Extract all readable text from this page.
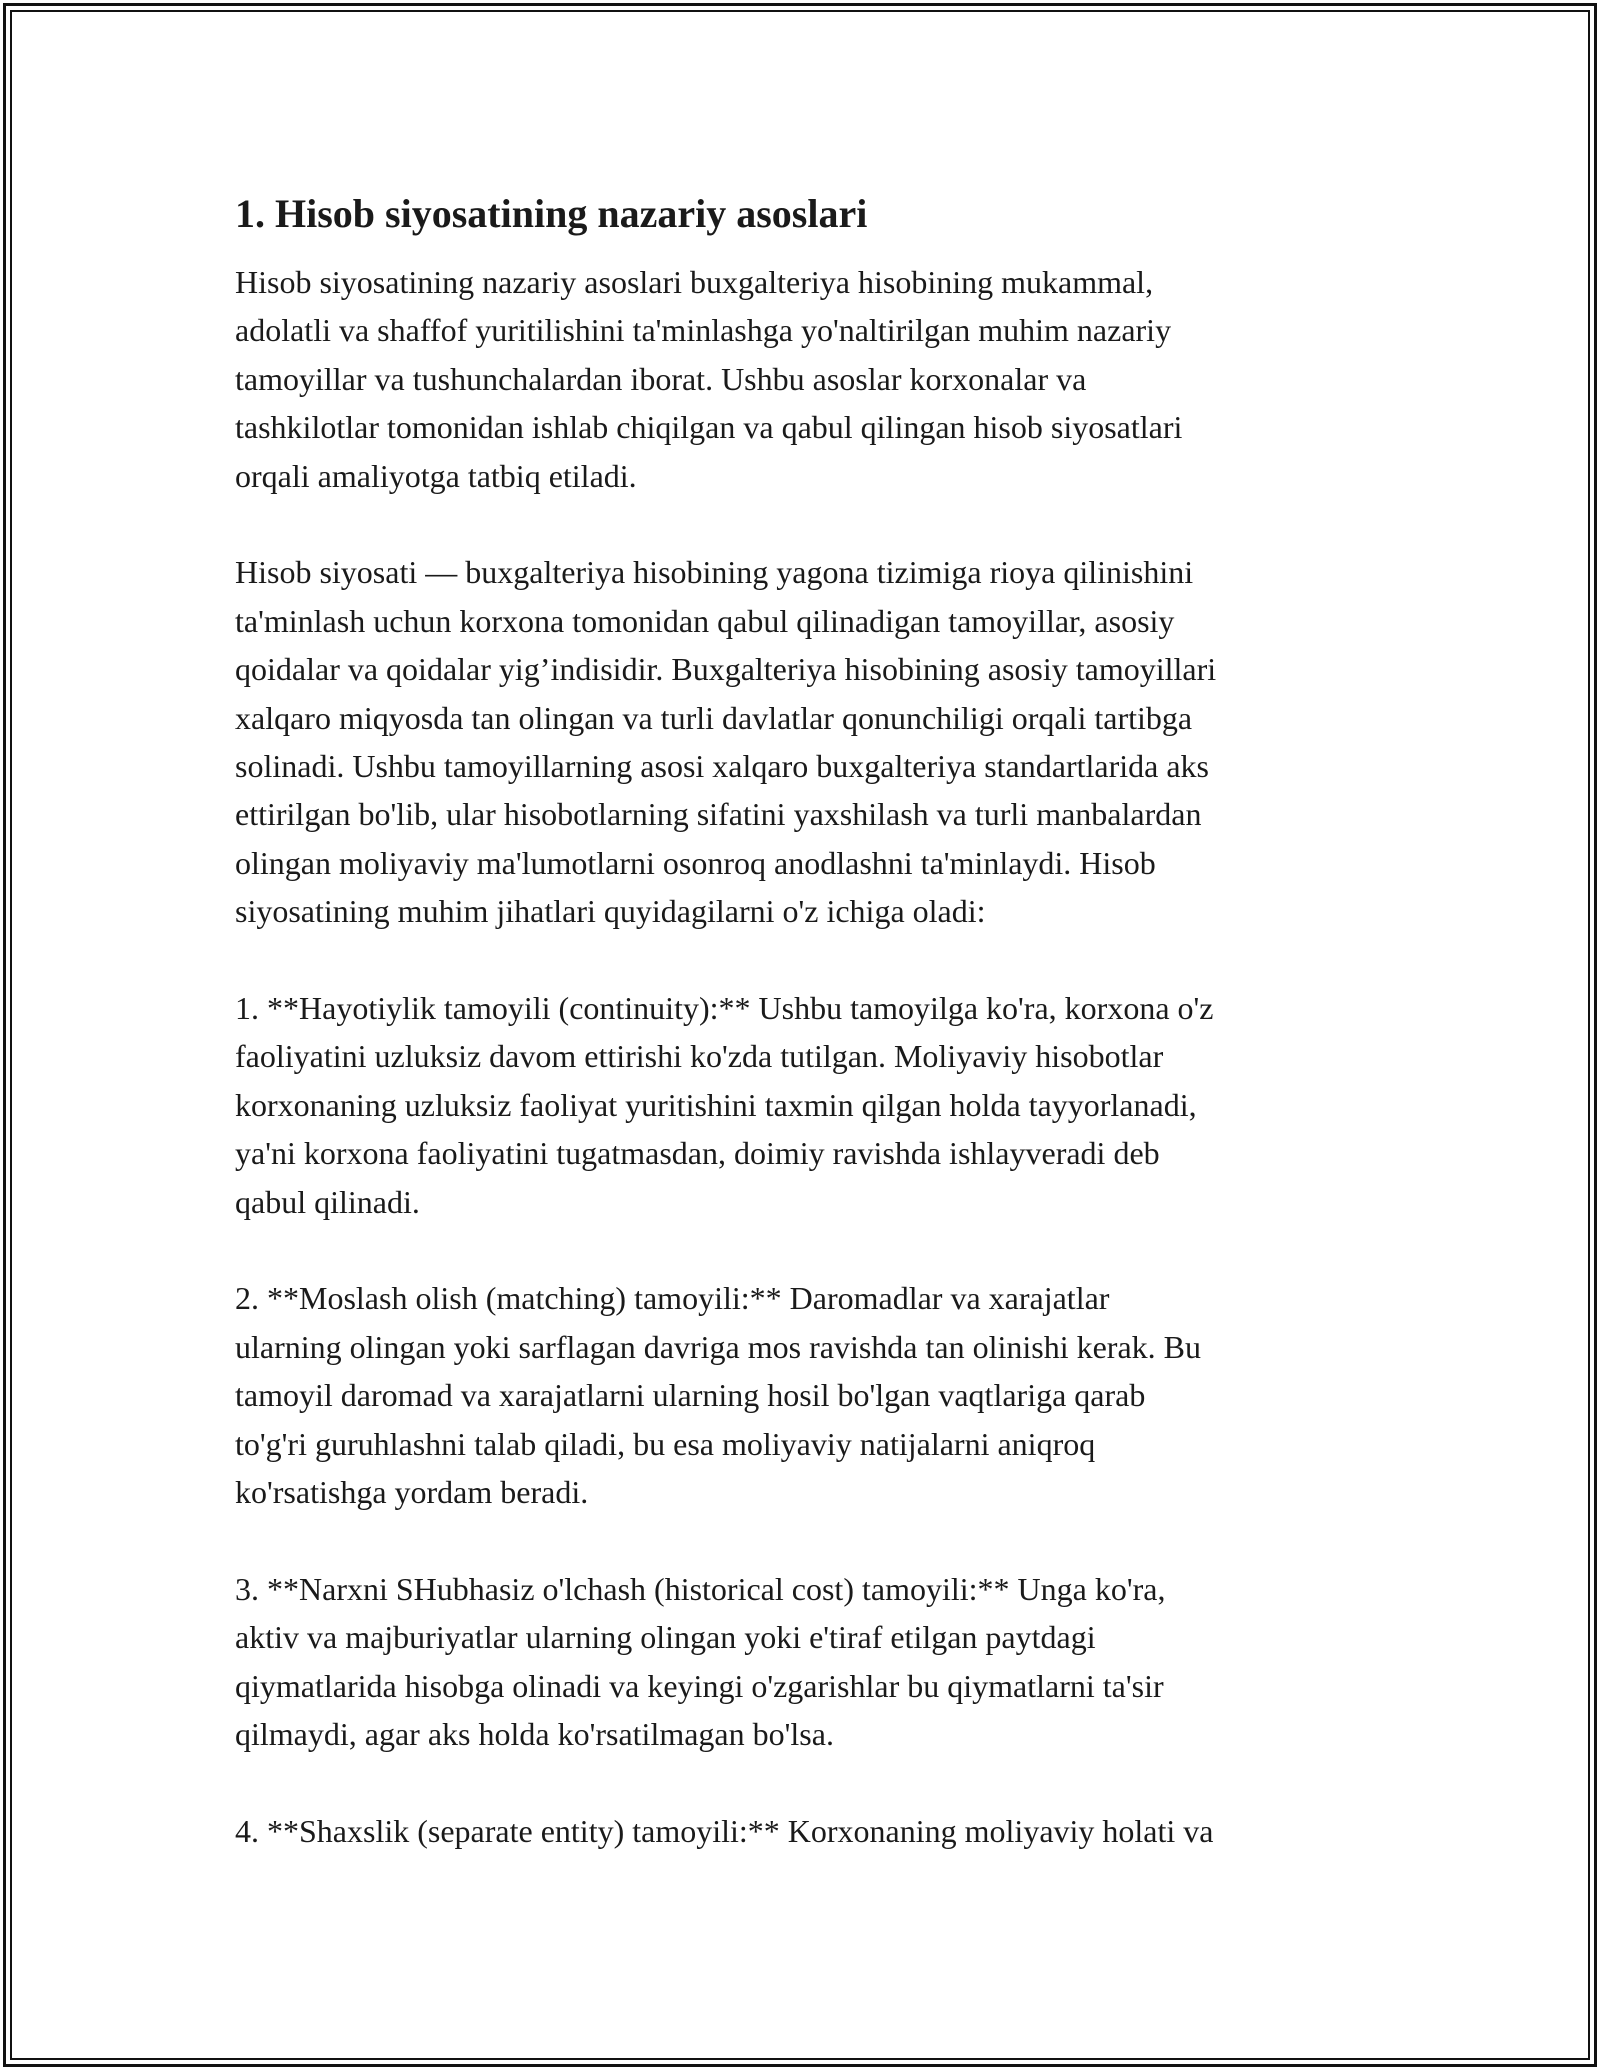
1. Hisob siyosatining nazariy asoslari

Hisob siyosatining nazariy asoslari buxgalteriya hisobining mukammal,
adolatli va shaffof yuritilishini ta'minlashga yo'naltirilgan muhim nazariy
tamoyillar va tushunchalardan iborat. Ushbu asoslar korxonalar va
tashkilotlar tomonidan ishlab chiqilgan va qabul qilingan hisob siyosatlari
orqali amaliyotga tatbiq etiladi.

Hisob siyosati — buxgalteriya hisobining yagona tizimiga rioya qilinishini
ta'minlash uchun korxona tomonidan qabul qilinadigan tamoyillar, asosiy
qoidalar va qoidalar yig’indisidir. Buxgalteriya hisobining asosiy tamoyillari
xalqaro miqyosda tan olingan va turli davlatlar qonunchiligi orqali tartibga
solinadi. Ushbu tamoyillarning asosi xalqaro buxgalteriya standartlarida aks
ettirilgan bo'lib, ular hisobotlarning sifatini yaxshilash va turli manbalardan
olingan moliyaviy ma'lumotlarni osonroq anodlashni ta'minlaydi. Hisob
siyosatining muhim jihatlari quyidagilarni o'z ichiga oladi:

1. **Hayotiylik tamoyili (continuity):** Ushbu tamoyilga ko'ra, korxona o'z
faoliyatini uzluksiz davom ettirishi ko'zda tutilgan. Moliyaviy hisobotlar
korxonaning uzluksiz faoliyat yuritishini taxmin qilgan holda tayyorlanadi,
ya'ni korxona faoliyatini tugatmasdan, doimiy ravishda ishlayveradi deb
qabul qilinadi.

2. **Moslash olish (matching) tamoyili:** Daromadlar va xarajatlar
ularning olingan yoki sarflagan davriga mos ravishda tan olinishi kerak. Bu
tamoyil daromad va xarajatlarni ularning hosil bo'lgan vaqtlariga qarab
to'g'ri guruhlashni talab qiladi, bu esa moliyaviy natijalarni aniqroq
ko'rsatishga yordam beradi.

3. **Narxni SHubhasiz o'lchash (historical cost) tamoyili:** Unga ko'ra,
aktiv va majburiyatlar ularning olingan yoki e'tiraf etilgan paytdagi
qiymatlarida hisobga olinadi va keyingi o'zgarishlar bu qiymatlarni ta'sir
qilmaydi, agar aks holda ko'rsatilmagan bo'lsa.

4. **Shaxslik (separate entity) tamoyili:** Korxonaning moliyaviy holati va
